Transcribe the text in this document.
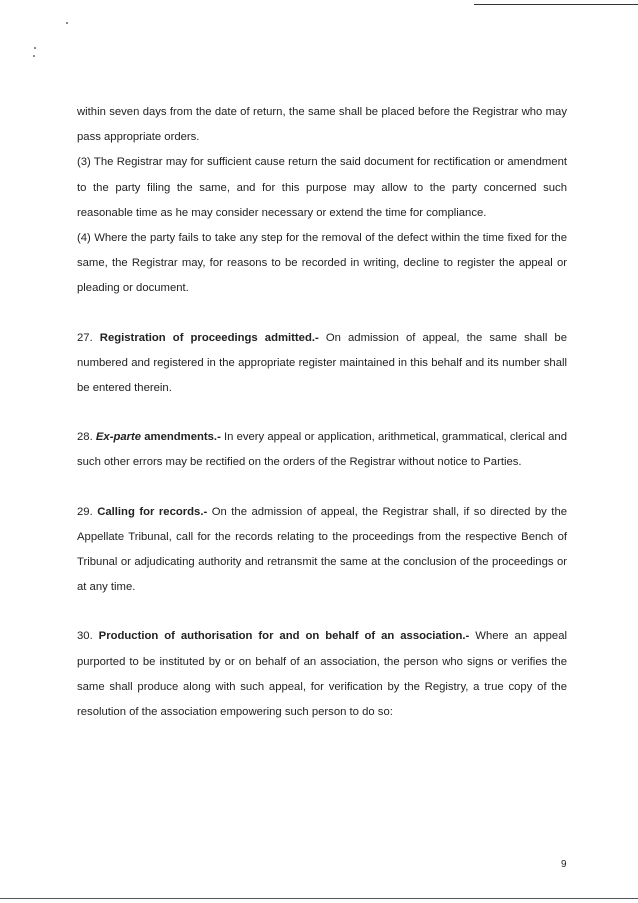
within seven days from the date of return, the same shall be placed before the Registrar who may pass appropriate orders.

(3) The Registrar may for sufficient cause return the said document for rectification or amendment to the party filing the same, and for this purpose may allow to the party concerned such reasonable time as he may consider necessary or extend the time for compliance.

(4) Where the party fails to take any step for the removal of the defect within the time fixed for the same, the Registrar may, for reasons to be recorded in writing, decline to register the appeal or pleading or document.

27. Registration of proceedings admitted.- On admission of appeal, the same shall be numbered and registered in the appropriate register maintained in this behalf and its number shall be entered therein.

28. Ex-parte amendments.- In every appeal or application, arithmetical, grammatical, clerical and such other errors may be rectified on the orders of the Registrar without notice to Parties.

29. Calling for records.- On the admission of appeal, the Registrar shall, if so directed by the Appellate Tribunal, call for the records relating to the proceedings from the respective Bench of Tribunal or adjudicating authority and retransmit the same at the conclusion of the proceedings or at any time.

30. Production of authorisation for and on behalf of an association.- Where an appeal purported to be instituted by or on behalf of an association, the person who signs or verifies the same shall produce along with such appeal, for verification by the Registry, a true copy of the resolution of the association empowering such person to do so:

9
